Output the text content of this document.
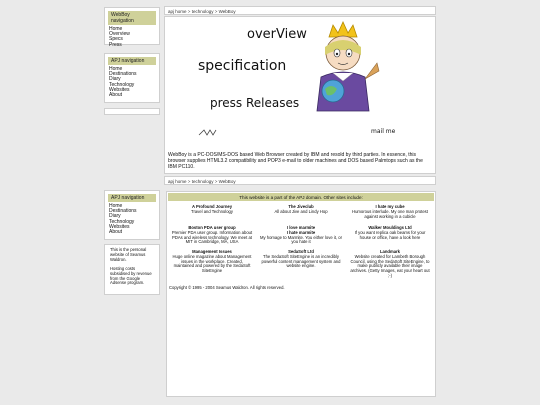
WebBoy navigation
Home
Overview
Specs
Press
APJ navigation
Home
Destinations
Diary
Technology
Websites
About
apj home > technology > WebBoy
overView
specification
press Releases
mail me
WebBoy is a PC-DOS/MS-DOS based Web Browser created by IBM and resold by third parties. In essence, this browser supplies HTML3.2 compatibility and POP3 e-mail to older machines and DOS based Palmtops such as the IBM PC110.
apj home > technology > WebBoy
APJ navigation
Home
Destinations
Diary
Technology
Websites
About
This is the personal website of Seamus Waldron.
Hosting costs subsidised by revenue from the Google Adsense program.
This website is a part of the APJ domain. Other sites include:
A Profound Journey
Travel and Technology
The Jiveclub
All about Jive and Lindy Hop
I hate my cube
Humorous interlude. My one man protest against working in a cubicle
Boston PDA user group
Premier PDA user group. Information about PDAs and wireless technology. We meet at MIT in Cambridge, MA, USA
I love marmite
I hate marmite
My homage to Marmite. You either love it, or you hate it
Walker Mouldings Ltd
If you want replica oak beams for your house or office, have a look here
Management Issues
Huge online magazine about Management issues in the workplace. Created, maintained and powered by the SedaSoft SiteEngine
SedaSoft Ltd
The SedaSoft SiteEngine is an incredibly powerful content management system and website engine.
Landmark
Website created for Lambeth Borough Council, using the SedaSoft SiteEngine, to make publicly available their image archives. (Getty Images, eat your heart out ;-)
Copyright © 1995 - 2004 Seamus Waldron. All rights reserved.
